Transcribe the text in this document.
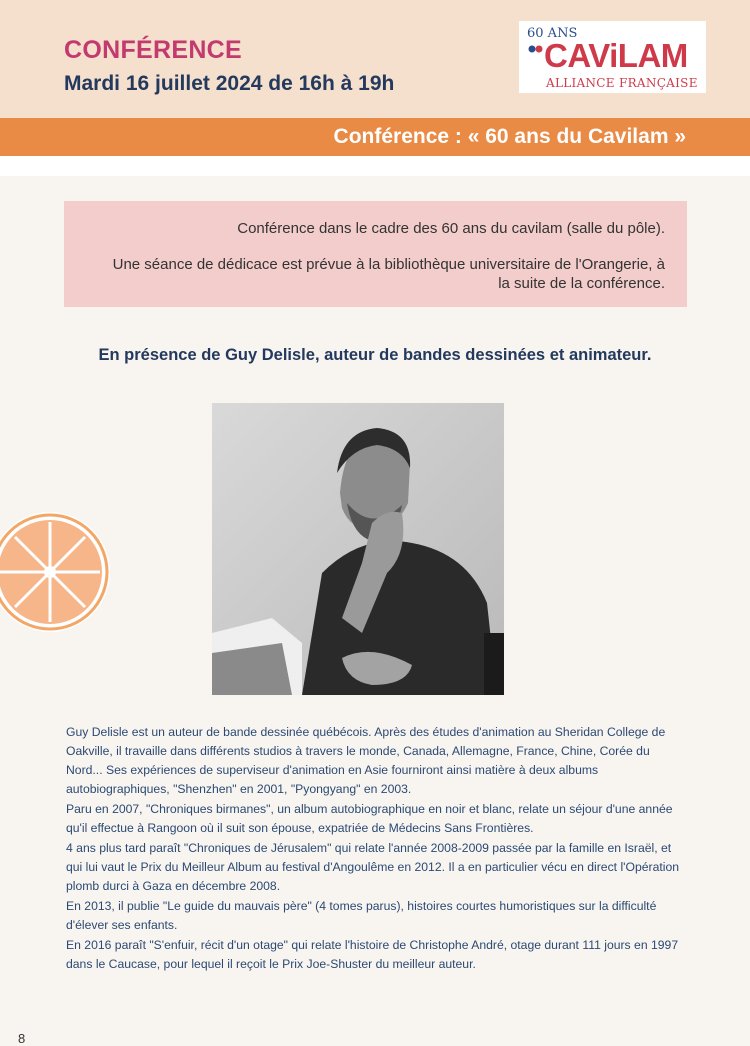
CONFÉRENCE
Mardi 16 juillet 2024 de 16h à 19h
60 ANS
CAViLAM
ALLIANCE FRANÇAISE
Conférence : « 60 ans du Cavilam »

Conférence dans le cadre des 60 ans du cavilam (salle du pôle).

Une séance de dédicace est prévue à la bibliothèque universitaire de l'Orangerie, à la suite de la conférence.

En présence de Guy Delisle, auteur de bandes dessinées et animateur.

Guy Delisle est un auteur de bande dessinée québécois. Après des études d'animation au Sheridan College de Oakville, il travaille dans différents studios à travers le monde, Canada, Allemagne, France, Chine, Corée du Nord... Ses expériences de superviseur d'animation en Asie fourniront ainsi matière à deux albums autobiographiques, "Shenzhen" en 2001, "Pyongyang" en 2003.

Paru en 2007, "Chroniques birmanes", un album autobiographique en noir et blanc, relate un séjour d'une année qu'il effectue à Rangoon où il suit son épouse, expatriée de Médecins Sans Frontières.

4 ans plus tard paraît "Chroniques de Jérusalem" qui relate l'année 2008-2009 passée par la famille en Israël, et qui lui vaut le Prix du Meilleur Album au festival d'Angoulême en 2012. Il a en particulier vécu en direct l'Opération plomb durci à Gaza en décembre 2008.

En 2013, il publie "Le guide du mauvais père" (4 tomes parus), histoires courtes humoristiques sur la difficulté d'élever ses enfants.

En 2016 paraît "S'enfuir, récit d'un otage" qui relate l'histoire de Christophe André, otage durant 111 jours en 1997 dans le Caucase, pour lequel il reçoit le Prix Joe-Shuster du meilleur auteur.

8
